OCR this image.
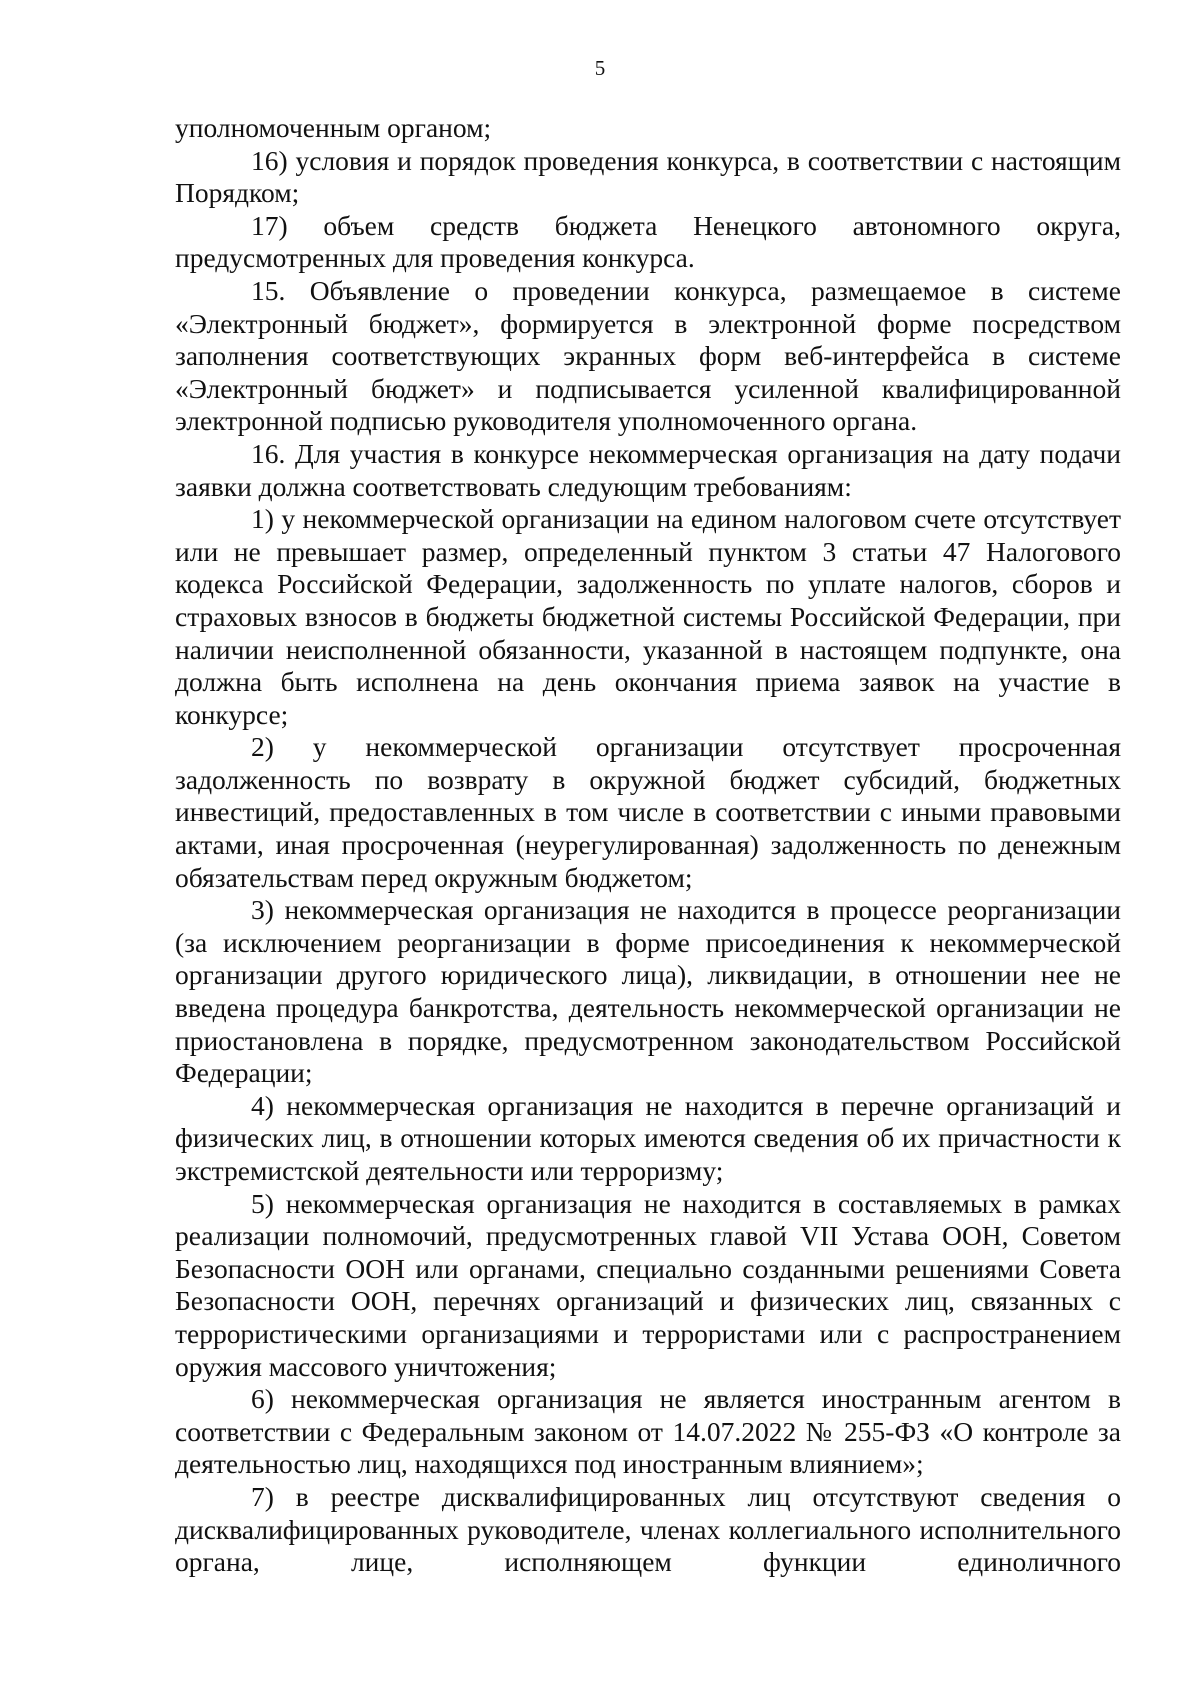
5

уполномоченным органом;

16) условия и порядок проведения конкурса, в соответствии с настоящим Порядком;

17) объем средств бюджета Ненецкого автономного округа, предусмотренных для проведения конкурса.

15. Объявление о проведении конкурса, размещаемое в системе «Электронный бюджет», формируется в электронной форме посредством заполнения соответствующих экранных форм веб-интерфейса в системе «Электронный бюджет» и подписывается усиленной квалифицированной электронной подписью руководителя уполномоченного органа.

16. Для участия в конкурсе некоммерческая организация на дату подачи заявки должна соответствовать следующим требованиям:

1) у некоммерческой организации на едином налоговом счете отсутствует или не превышает размер, определенный пунктом 3 статьи 47 Налогового кодекса Российской Федерации, задолженность по уплате налогов, сборов и страховых взносов в бюджеты бюджетной системы Российской Федерации, при наличии неисполненной обязанности, указанной в настоящем подпункте, она должна быть исполнена на день окончания приема заявок на участие в конкурсе;

2) у некоммерческой организации отсутствует просроченная задолженность по возврату в окружной бюджет субсидий, бюджетных инвестиций, предоставленных в том числе в соответствии с иными правовыми актами, иная просроченная (неурегулированная) задолженность по денежным обязательствам перед окружным бюджетом;

3) некоммерческая организация не находится в процессе реорганизации (за исключением реорганизации в форме присоединения к некоммерческой организации другого юридического лица), ликвидации, в отношении нее не введена процедура банкротства, деятельность некоммерческой организации не приостановлена в порядке, предусмотренном законодательством Российской Федерации;

4) некоммерческая организация не находится в перечне организаций и физических лиц, в отношении которых имеются сведения об их причастности к экстремистской деятельности или терроризму;

5) некоммерческая организация не находится в составляемых в рамках реализации полномочий, предусмотренных главой VII Устава ООН, Советом Безопасности ООН или органами, специально созданными решениями Совета Безопасности ООН, перечнях организаций и физических лиц, связанных с террористическими организациями и террористами или с распространением оружия массового уничтожения;

6) некоммерческая организация не является иностранным агентом в соответствии с Федеральным законом от 14.07.2022 № 255-ФЗ «О контроле за деятельностью лиц, находящихся под иностранным влиянием»;

7) в реестре дисквалифицированных лиц отсутствуют сведения о дисквалифицированных руководителе, членах коллегиального исполнительного органа, лице, исполняющем функции единоличного
